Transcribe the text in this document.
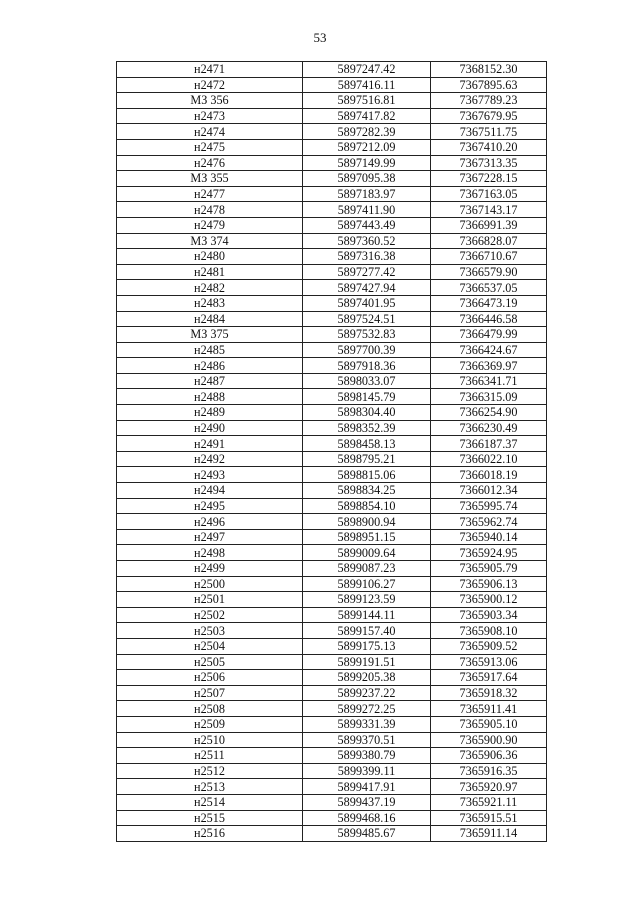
53
н2471	5897247.42	7368152.30
н2472	5897416.11	7367895.63
МЗ 356	5897516.81	7367789.23
н2473	5897417.82	7367679.95
н2474	5897282.39	7367511.75
н2475	5897212.09	7367410.20
н2476	5897149.99	7367313.35
МЗ 355	5897095.38	7367228.15
н2477	5897183.97	7367163.05
н2478	5897411.90	7367143.17
н2479	5897443.49	7366991.39
МЗ 374	5897360.52	7366828.07
н2480	5897316.38	7366710.67
н2481	5897277.42	7366579.90
н2482	5897427.94	7366537.05
н2483	5897401.95	7366473.19
н2484	5897524.51	7366446.58
МЗ 375	5897532.83	7366479.99
н2485	5897700.39	7366424.67
н2486	5897918.36	7366369.97
н2487	5898033.07	7366341.71
н2488	5898145.79	7366315.09
н2489	5898304.40	7366254.90
н2490	5898352.39	7366230.49
н2491	5898458.13	7366187.37
н2492	5898795.21	7366022.10
н2493	5898815.06	7366018.19
н2494	5898834.25	7366012.34
н2495	5898854.10	7365995.74
н2496	5898900.94	7365962.74
н2497	5898951.15	7365940.14
н2498	5899009.64	7365924.95
н2499	5899087.23	7365905.79
н2500	5899106.27	7365906.13
н2501	5899123.59	7365900.12
н2502	5899144.11	7365903.34
н2503	5899157.40	7365908.10
н2504	5899175.13	7365909.52
н2505	5899191.51	7365913.06
н2506	5899205.38	7365917.64
н2507	5899237.22	7365918.32
н2508	5899272.25	7365911.41
н2509	5899331.39	7365905.10
н2510	5899370.51	7365900.90
н2511	5899380.79	7365906.36
н2512	5899399.11	7365916.35
н2513	5899417.91	7365920.97
н2514	5899437.19	7365921.11
н2515	5899468.16	7365915.51
н2516	5899485.67	7365911.14
